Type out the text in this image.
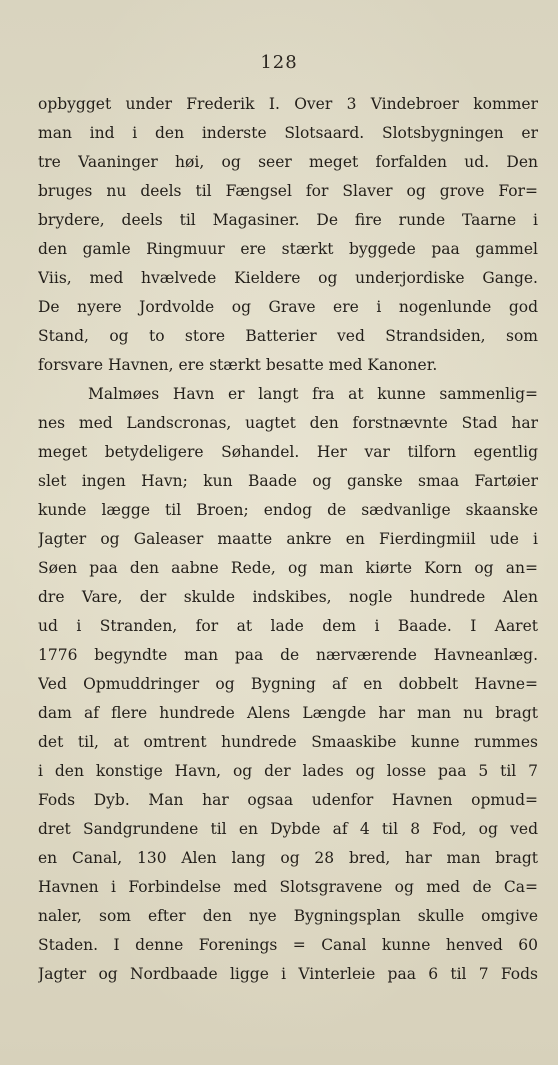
128
opbygget under Frederik I. Over 3 Vindebroer kommer
man ind i den inderste Slotsaard. Slotsbygningen er
tre Vaaninger høi, og seer meget forfalden ud. Den
bruges nu deels til Fængsel for Slaver og grove For=
brydere, deels til Magasiner. De fire runde Taarne i
den gamle Ringmuur ere stærkt byggede paa gammel
Viis, med hvælvede Kieldere og underjordiske Gange.
De nyere Jordvolde og Grave ere i nogenlunde god
Stand, og to store Batterier ved Strandsiden, som
forsvare Havnen, ere stærkt besatte med Kanoner.
Malmøes Havn er langt fra at kunne sammenlig=
nes med Landscronas, uagtet den forstnævnte Stad har
meget betydeligere Søhandel. Her var tilforn egentlig
slet ingen Havn; kun Baade og ganske smaa Fartøier
kunde lægge til Broen; endog de sædvanlige skaanske
Jagter og Galeaser maatte ankre en Fierdingmiil ude i
Søen paa den aabne Rede, og man kiørte Korn og an=
dre Vare, der skulde indskibes, nogle hundrede Alen
ud i Stranden, for at lade dem i Baade. I Aaret
1776 begyndte man paa de nærværende Havneanlæg.
Ved Opmuddringer og Bygning af en dobbelt Havne=
dam af flere hundrede Alens Længde har man nu bragt
det til, at omtrent hundrede Smaaskibe kunne rummes
i den konstige Havn, og der lades og losse paa 5 til 7
Fods Dyb. Man har ogsaa udenfor Havnen opmud=
dret Sandgrundene til en Dybde af 4 til 8 Fod, og ved
en Canal, 130 Alen lang og 28 bred, har man bragt
Havnen i Forbindelse med Slotsgravene og med de Ca=
naler, som efter den nye Bygningsplan skulle omgive
Staden. I denne Forenings = Canal kunne henved 60
Jagter og Nordbaade ligge i Vinterleie paa 6 til 7 Fods
